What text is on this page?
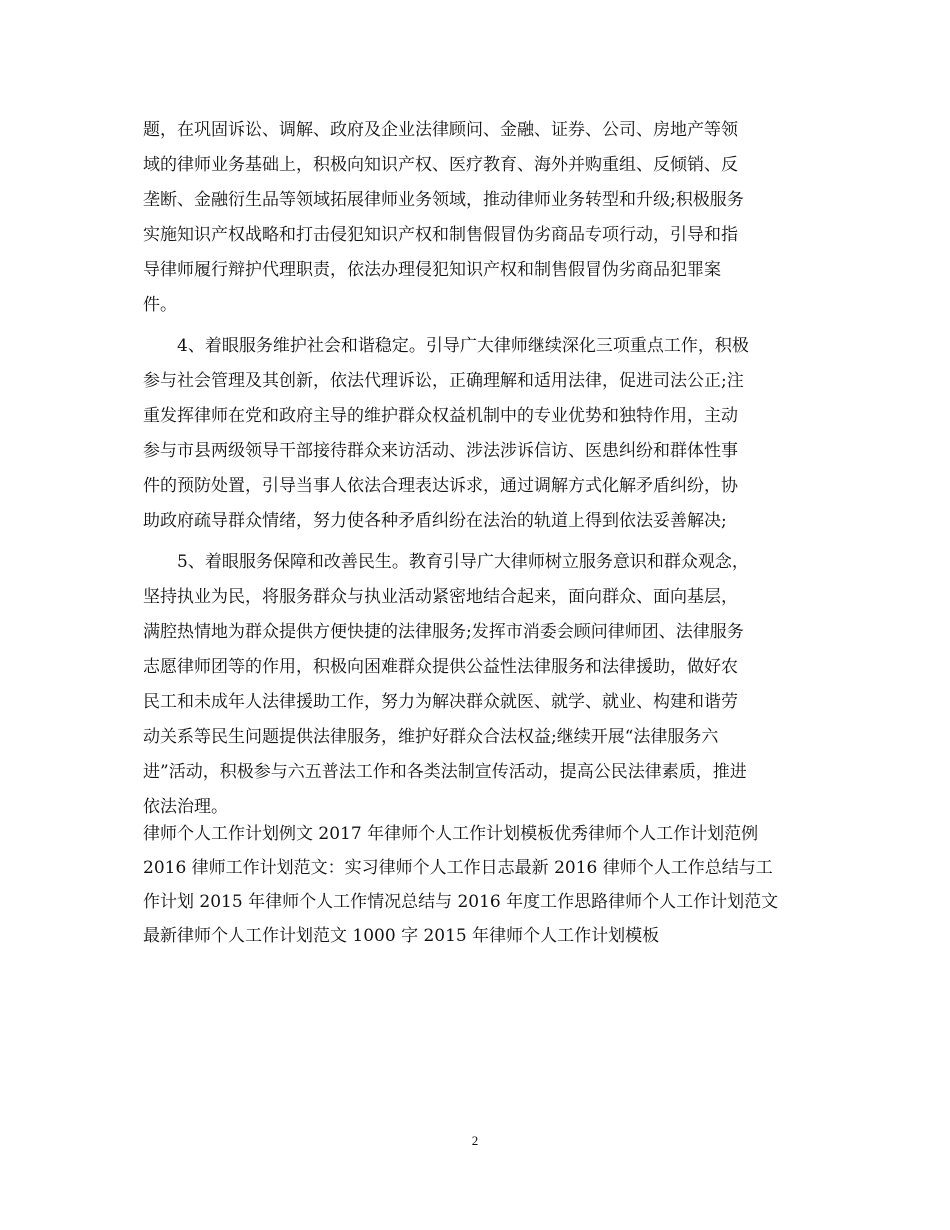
题，在巩固诉讼、调解、政府及企业法律顾问、金融、证券、公司、房地产等领
域的律师业务基础上，积极向知识产权、医疗教育、海外并购重组、反倾销、反
垄断、金融衍生品等领域拓展律师业务领域，推动律师业务转型和升级;积极服务
实施知识产权战略和打击侵犯知识产权和制售假冒伪劣商品专项行动，引导和指
导律师履行辩护代理职责，依法办理侵犯知识产权和制售假冒伪劣商品犯罪案
件。
4、着眼服务维护社会和谐稳定。引导广大律师继续深化三项重点工作，积极
参与社会管理及其创新，依法代理诉讼，正确理解和适用法律，促进司法公正;注
重发挥律师在党和政府主导的维护群众权益机制中的专业优势和独特作用，主动
参与市县两级领导干部接待群众来访活动、涉法涉诉信访、医患纠纷和群体性事
件的预防处置，引导当事人依法合理表达诉求，通过调解方式化解矛盾纠纷，协
助政府疏导群众情绪，努力使各种矛盾纠纷在法治的轨道上得到依法妥善解决;
5、着眼服务保障和改善民生。教育引导广大律师树立服务意识和群众观念，
坚持执业为民，将服务群众与执业活动紧密地结合起来，面向群众、面向基层，
满腔热情地为群众提供方便快捷的法律服务;发挥市消委会顾问律师团、法律服务
志愿律师团等的作用，积极向困难群众提供公益性法律服务和法律援助，做好农
民工和未成年人法律援助工作，努力为解决群众就医、就学、就业、构建和谐劳
动关系等民生问题提供法律服务，维护好群众合法权益;继续开展“法律服务六
进”活动，积极参与六五普法工作和各类法制宣传活动，提高公民法律素质，推进
依法治理。
律师个人工作计划例文 2017 年律师个人工作计划模板优秀律师个人工作计划范例
2016 律师工作计划范文：实习律师个人工作日志最新 2016 律师个人工作总结与工
作计划 2015 年律师个人工作情况总结与 2016 年度工作思路律师个人工作计划范文
最新律师个人工作计划范文 1000 字 2015 年律师个人工作计划模板
2
